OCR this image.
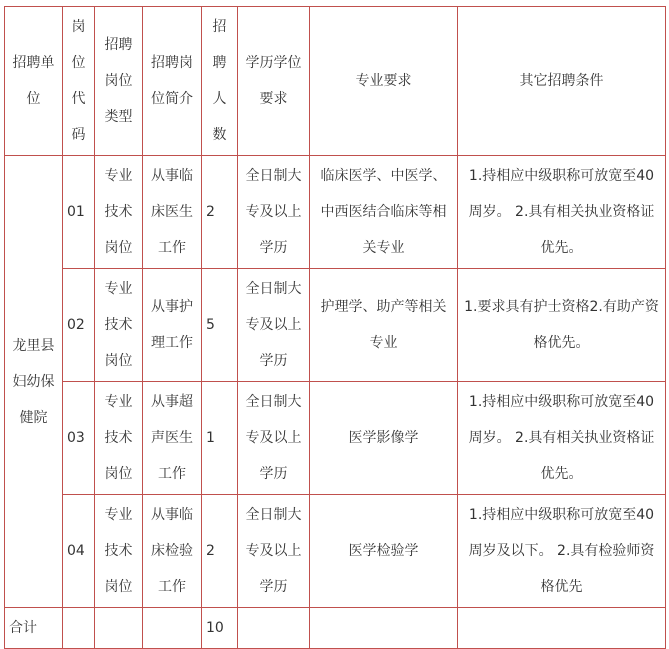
招聘单位	岗位代码	招聘岗位类型	招聘岗位简介	招聘人数	学历学位要求	专业要求	其它招聘条件
龙里县妇幼保健院	01	专业技术岗位	从事临床医生工作	2	全日制大专及以上学历	临床医学、中医学、中西医结合临床等相关专业	1.持相应中级职称可放宽至40周岁。 2.具有相关执业资格证优先。
	02	专业技术岗位	从事护理工作	5	全日制大专及以上学历	护理学、助产等相关专业	1.要求具有护士资格2.有助产资格优先。
	03	专业技术岗位	从事超声医生工作	1	全日制大专及以上学历	医学影像学	1.持相应中级职称可放宽至40周岁。 2.具有相关执业资格证优先。
	04	专业技术岗位	从事临床检验工作	2	全日制大专及以上学历	医学检验学	1.持相应中级职称可放宽至40周岁及以下。 2.具有检验师资格优先
合计				10			
